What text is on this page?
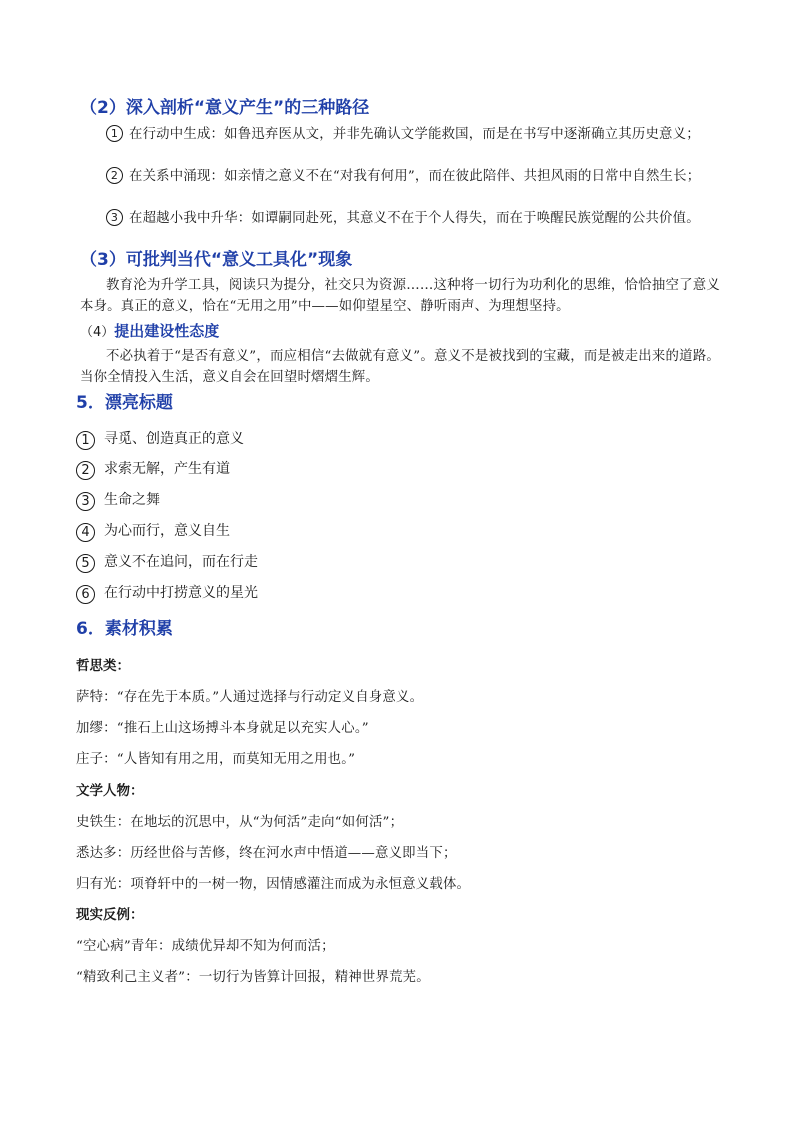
（2）深入剖析“意义产生”的三种路径
1 在行动中生成：如鲁迅弃医从文，并非先确认文学能救国，而是在书写中逐渐确立其历史意义；
2 在关系中涌现：如亲情之意义不在“对我有何用”，而在彼此陪伴、共担风雨的日常中自然生长；
3 在超越小我中升华：如谭嗣同赴死，其意义不在于个人得失，而在于唤醒民族觉醒的公共价值。
（3）可批判当代“意义工具化”现象
教育沦为升学工具，阅读只为提分，社交只为资源……这种将一切行为功利化的思维，恰恰抽空了意义本身。真正的意义，恰在“无用之用”中——如仰望星空、静听雨声、为理想坚持。
（4）提出建设性态度
不必执着于“是否有意义”，而应相信“去做就有意义”。意义不是被找到的宝藏，而是被走出来的道路。当你全情投入生活，意义自会在回望时熠熠生辉。
5．漂亮标题
1 寻觅、创造真正的意义
2 求索无解，产生有道
3 生命之舞
4 为心而行，意义自生
5 意义不在追问，而在行走
6 在行动中打捞意义的星光
6．素材积累
哲思类：
萨特：“存在先于本质。”人通过选择与行动定义自身意义。
加缪：“推石上山这场搏斗本身就足以充实人心。”
庄子：“人皆知有用之用，而莫知无用之用也。”
文学人物：
史铁生：在地坛的沉思中，从“为何活”走向“如何活”；
悉达多：历经世俗与苦修，终在河水声中悟道——意义即当下；
归有光：项脊轩中的一树一物，因情感灌注而成为永恒意义载体。
现实反例：
“空心病”青年：成绩优异却不知为何而活；
“精致利己主义者”：一切行为皆算计回报，精神世界荒芜。
